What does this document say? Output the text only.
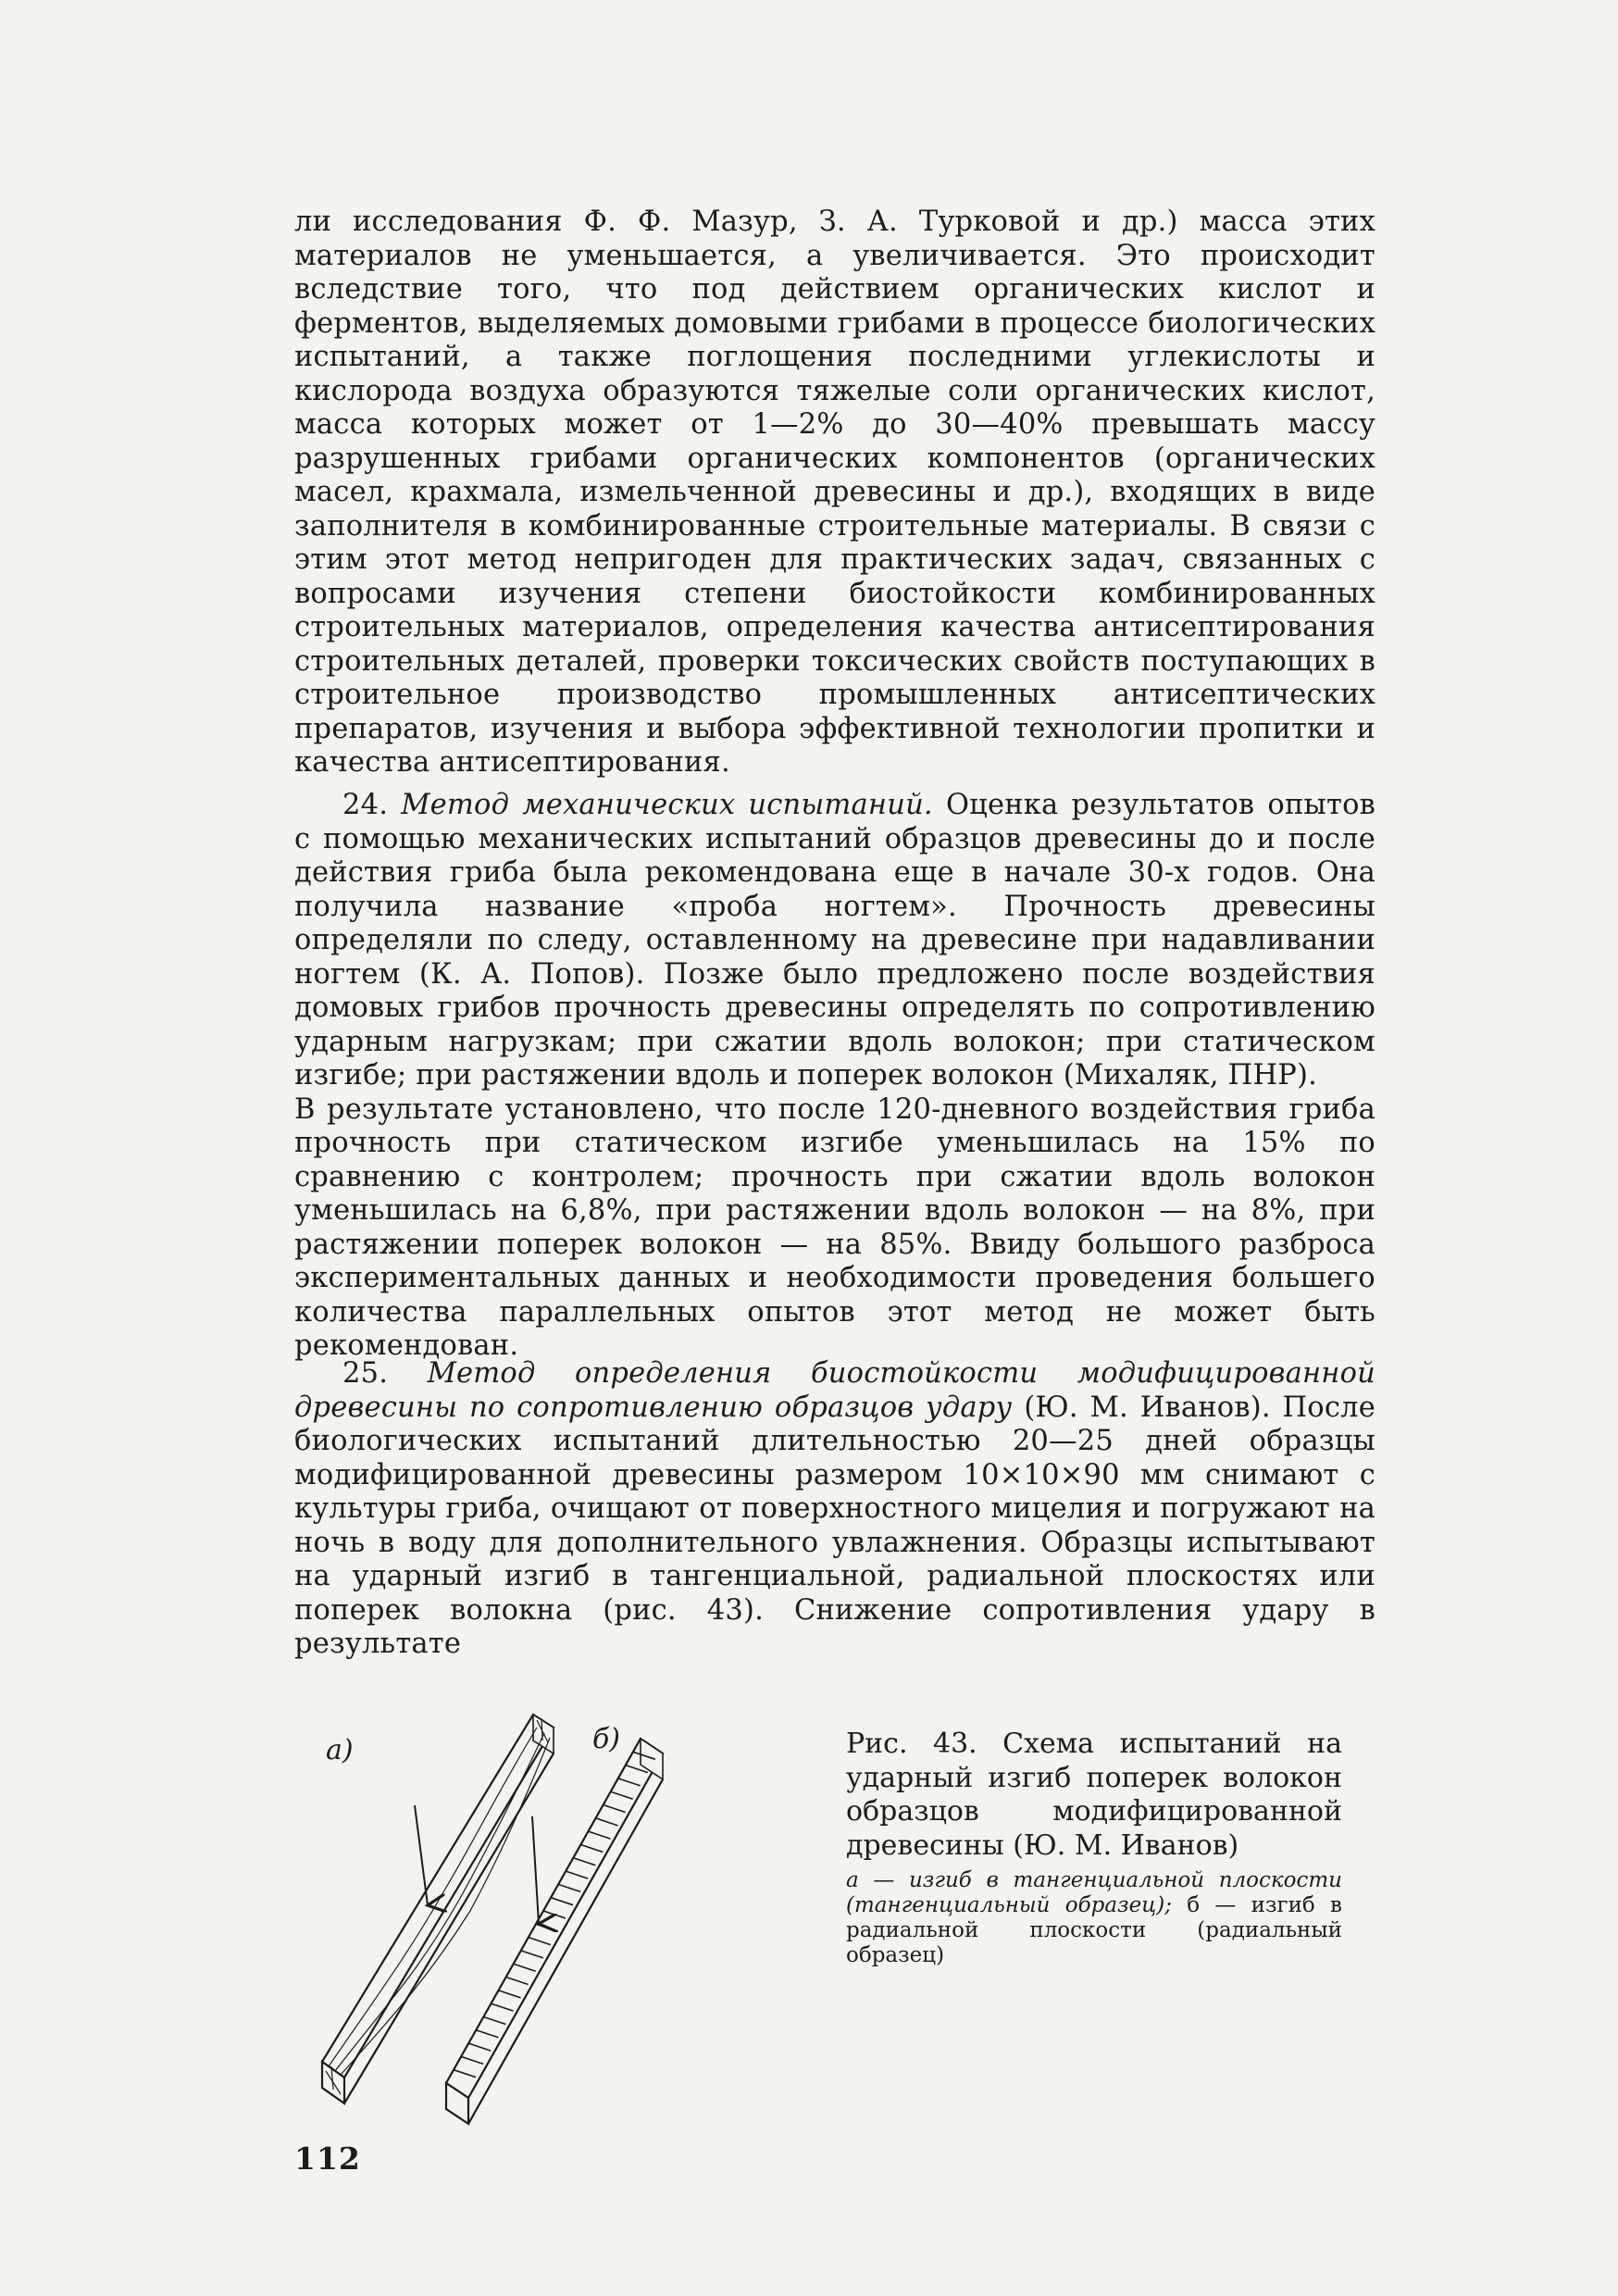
ли исследования Ф. Ф. Мазур, З. А. Турковой и др.) масса этих материалов не уменьшается, а увеличивается. Это происходит вследствие того, что под действием органических кислот и ферментов, выделяемых домовыми грибами в процессе биологических испытаний, а также поглощения последними углекислоты и кислорода воздуха образуются тяжелые соли органических кислот, масса которых может от 1—2% до 30—40% превышать массу разрушенных грибами органических компонентов (органических масел, крахмала, измельченной древесины и др.), входящих в виде заполнителя в комбинированные строительные материалы. В связи с этим этот метод непригоден для практических задач, связанных с вопросами изучения степени биостойкости комбинированных строительных материалов, определения качества антисептирования строительных деталей, проверки токсических свойств поступающих в строительное производство промышленных антисептических препаратов, изучения и выбора эффективной технологии пропитки и качества антисептирования.

24. Метод механических испытаний. Оценка результатов опытов с помощью механических испытаний образцов древесины до и после действия гриба была рекомендована еще в начале 30-х годов. Она получила название «проба ногтем». Прочность древесины определяли по следу, оставленному на древесине при надавливании ногтем (К. А. Попов). Позже было предложено после воздействия домовых грибов прочность древесины определять по сопротивлению ударным нагрузкам; при сжатии вдоль волокон; при статическом изгибе; при растяжении вдоль и поперек волокон (Михаляк, ПНР).

В результате установлено, что после 120-дневного воздействия гриба прочность при статическом изгибе уменьшилась на 15% по сравнению с контролем; прочность при сжатии вдоль волокон уменьшилась на 6,8%, при растяжении вдоль волокон — на 8%, при растяжении поперек волокон — на 85%. Ввиду большого разброса экспериментальных данных и необходимости проведения большего количества параллельных опытов этот метод не может быть рекомендован.

25. Метод определения биостойкости модифицированной древесины по сопротивлению образцов удару (Ю. М. Иванов). После биологических испытаний длительностью 20—25 дней образцы модифицированной древесины размером 10×10×90 мм снимают с культуры гриба, очищают от поверхностного мицелия и погружают на ночь в воду для дополнительного увлажнения. Образцы испытывают на ударный изгиб в тангенциальной, радиальной плоскостях или поперек волокна (рис. 43). Снижение сопротивления удару в результате

а)	б)	Рис. 43. Схема испытаний на ударный изгиб поперек волокон образцов модифицированной древесины (Ю. М. Иванов)

а — изгиб в тангенциальной плоскости (тангенциальный образец); б — изгиб в радиальной плоскости (радиальный образец)

112
